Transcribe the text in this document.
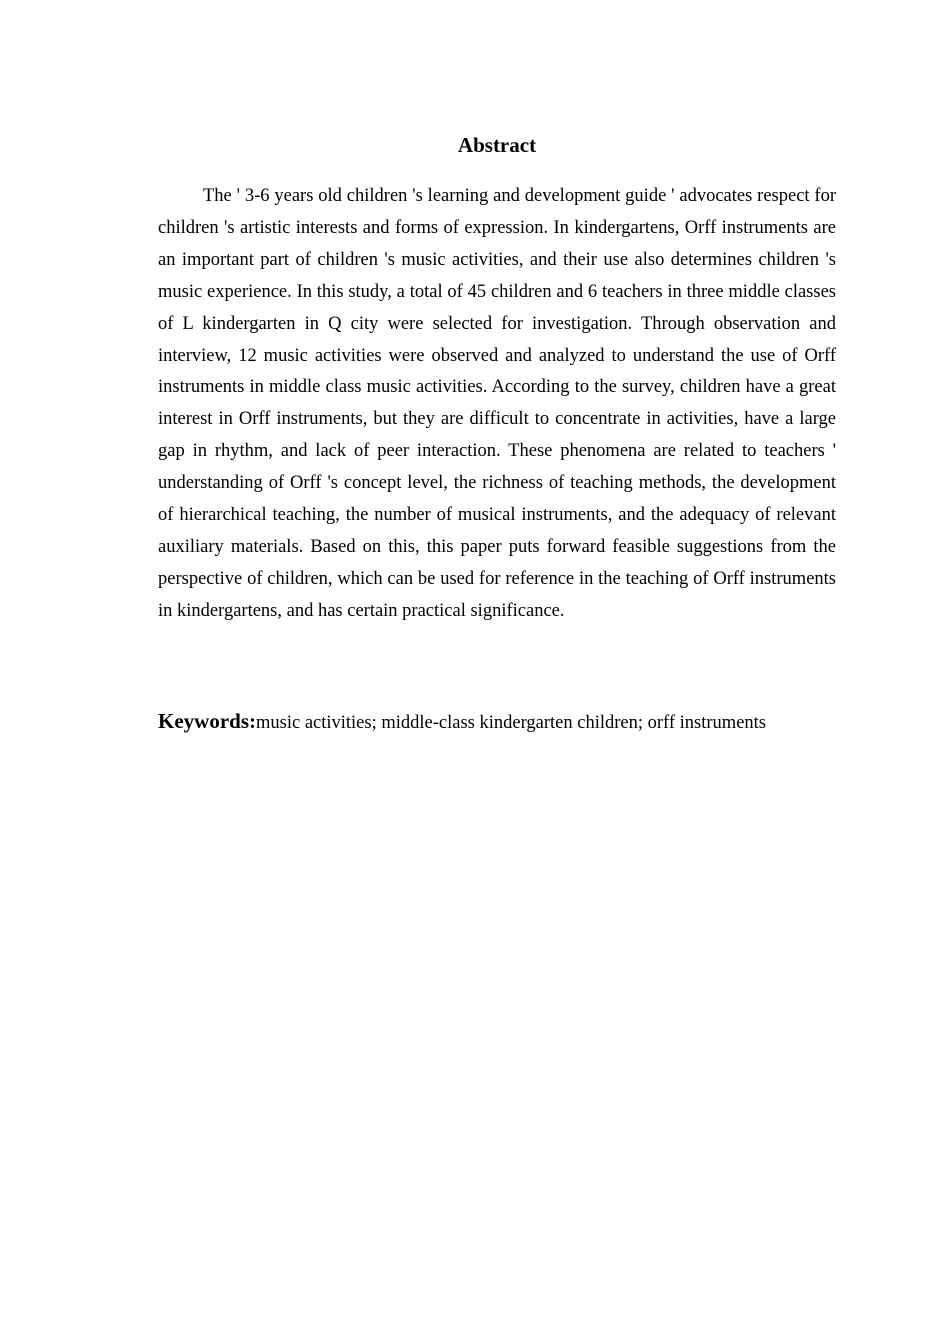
Abstract

The ' 3-6 years old children 's learning and development guide ' advocates respect for children 's artistic interests and forms of expression. In kindergartens, Orff instruments are an important part of children 's music activities, and their use also determines children 's music experience. In this study, a total of 45 children and 6 teachers in three middle classes of L kindergarten in Q city were selected for investigation. Through observation and interview, 12 music activities were observed and analyzed to understand the use of Orff instruments in middle class music activities. According to the survey, children have a great interest in Orff instruments, but they are difficult to concentrate in activities, have a large gap in rhythm, and lack of peer interaction. These phenomena are related to teachers ' understanding of Orff 's concept level, the richness of teaching methods, the development of hierarchical teaching, the number of musical instruments, and the adequacy of relevant auxiliary materials. Based on this, this paper puts forward feasible suggestions from the perspective of children, which can be used for reference in the teaching of Orff instruments in kindergartens, and has certain practical significance.

Keywords:music activities; middle-class kindergarten children; orff instruments
